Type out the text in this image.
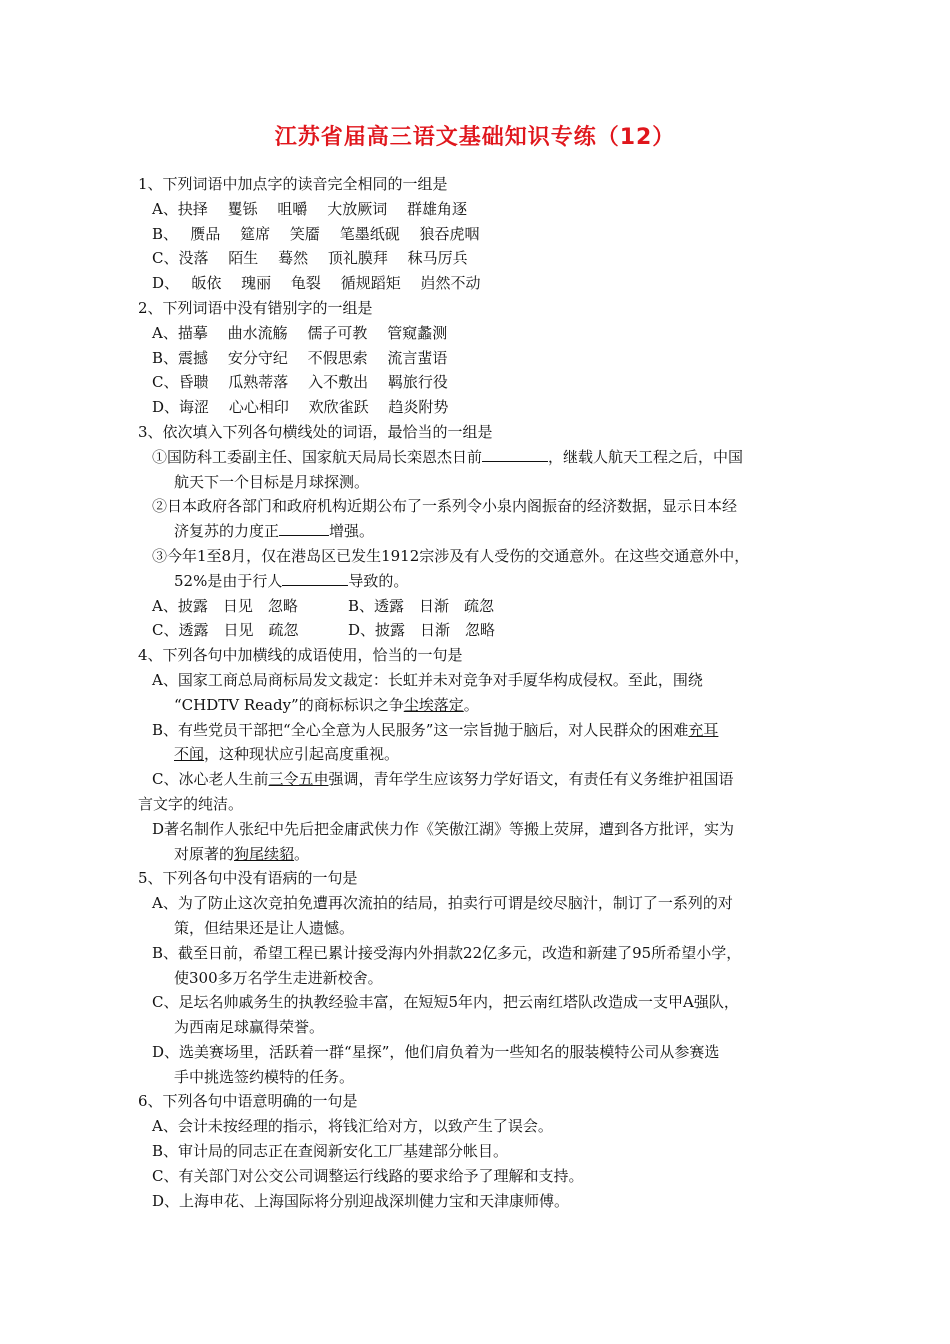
江苏省届高三语文基础知识专练（12）
1、下列词语中加点字的读音完全相同的一组是
A、抉择　 矍铄　 咀嚼　 大放厥词　 群雄角逐
B、　 赝品　 筵席　 笑靥　 笔墨纸砚　 狼吞虎咽
C、没落　 陌生　 蓦然　 顶礼膜拜　 秣马厉兵
D、　 皈依　 瑰丽　 龟裂　 循规蹈矩　 岿然不动
2、下列词语中没有错别字的一组是
A、描摹　 曲水流觞　 儒子可教　 管窥蠡测
B、震撼　 安分守纪　 不假思索　 流言蜚语
C、昏聩　 瓜熟蒂落　 入不敷出　 羁旅行役
D、诲涩　 心心相印　 欢欣雀跃　 趋炎附势
3、依次填入下列各句横线处的词语，最恰当的一组是
①国防科工委副主任、国家航天局局长栾恩杰日前	，继载人航天工程之后，中国
航天下一个目标是月球探测。
②日本政府各部门和政府机构近期公布了一系列令小泉内阁振奋的经济数据，显示日本经
济复苏的力度正	增强。
③今年1至8月，仅在港岛区已发生1912宗涉及有人受伤的交通意外。在这些交通意外中，
52%是由于行人	导致的。
A、披露　日见　忽略	B、透露　日渐　疏忽
C、透露　日见　疏忽	D、披露　日渐　忽略
4、下列各句中加横线的成语使用，恰当的一句是
A、国家工商总局商标局发文裁定：长虹并未对竞争对手厦华构成侵权。至此，围绕
“CHDTV Ready”的商标标识之争尘埃落定。
B、有些党员干部把“全心全意为人民服务”这一宗旨抛于脑后，对人民群众的困难充耳
不闻，这种现状应引起高度重视。
C、冰心老人生前三令五申强调，青年学生应该努力学好语文，有责任有义务维护祖国语
言文字的纯洁。
D著名制作人张纪中先后把金庸武侠力作《笑傲江湖》等搬上荧屏，遭到各方批评，实为
对原著的狗尾续貂。
5、下列各句中没有语病的一句是
A、为了防止这次竞拍免遭再次流拍的结局，拍卖行可谓是绞尽脑汁，制订了一系列的对
策，但结果还是让人遗憾。
B、截至日前，希望工程已累计接受海内外捐款22亿多元，改造和新建了95所希望小学，
使300多万名学生走进新校舍。
C、足坛名帅戚务生的执教经验丰富，在短短5年内，把云南红塔队改造成一支甲A强队，
为西南足球赢得荣誉。
D、选美赛场里，活跃着一群“星探”，他们肩负着为一些知名的服装模特公司从参赛选
手中挑选签约模特的任务。
6、下列各句中语意明确的一句是
A、会计未按经理的指示，将钱汇给对方，以致产生了误会。
B、审计局的同志正在查阅新安化工厂基建部分帐目。
C、有关部门对公交公司调整运行线路的要求给予了理解和支持。
D、上海申花、上海国际将分别迎战深圳健力宝和天津康师傅。
